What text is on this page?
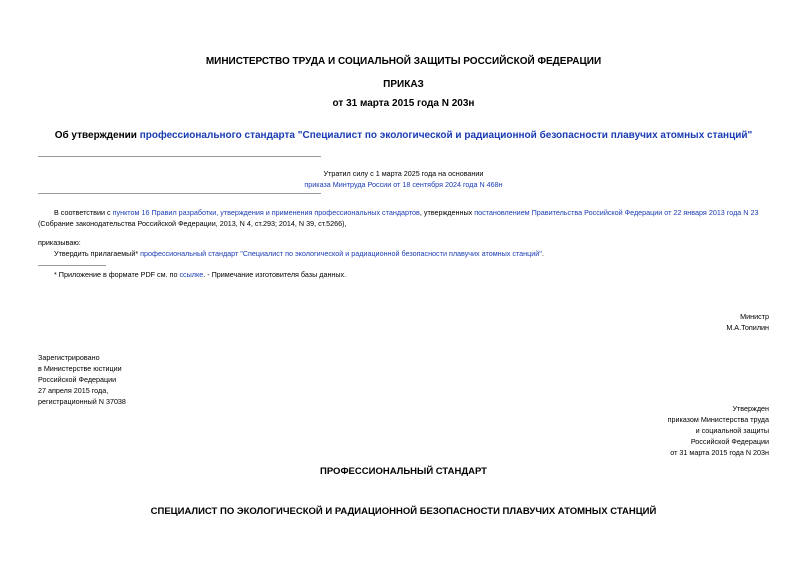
МИНИСТЕРСТВО ТРУДА И СОЦИАЛЬНОЙ ЗАЩИТЫ РОССИЙСКОЙ ФЕДЕРАЦИИ
ПРИКАЗ
от 31 марта 2015 года N 203н
Об утверждении профессионального стандарта "Специалист по экологической и радиационной безопасности плавучих атомных станций"
Утратил силу с 1 марта 2025 года на основании
приказа Минтруда России от 18 сентября 2024 года N 468н
В соответствии с пунктом 16 Правил разработки, утверждения и применения профессиональных стандартов, утвержденных постановлением Правительства Российской Федерации от 22 января 2013 года N 23 (Собрание законодательства Российской Федерации, 2013, N 4, ст.293; 2014, N 39, ст.5266),
приказываю:
Утвердить прилагаемый* профессиональный стандарт "Специалист по экологической и радиационной безопасности плавучих атомных станций".
* Приложение в формате PDF см. по ссылке. - Примечание изготовителя базы данных.
Министр
М.А.Топилин
Зарегистрировано
в Министерстве юстиции
Российской Федерации
27 апреля 2015 года,
регистрационный N 37038
Утвержден
приказом Министерства труда
и социальной защиты
Российской Федерации
от 31 марта 2015 года N 203н
ПРОФЕССИОНАЛЬНЫЙ СТАНДАРТ
СПЕЦИАЛИСТ ПО ЭКОЛОГИЧЕСКОЙ И РАДИАЦИОННОЙ БЕЗОПАСНОСТИ ПЛАВУЧИХ АТОМНЫХ СТАНЦИЙ
